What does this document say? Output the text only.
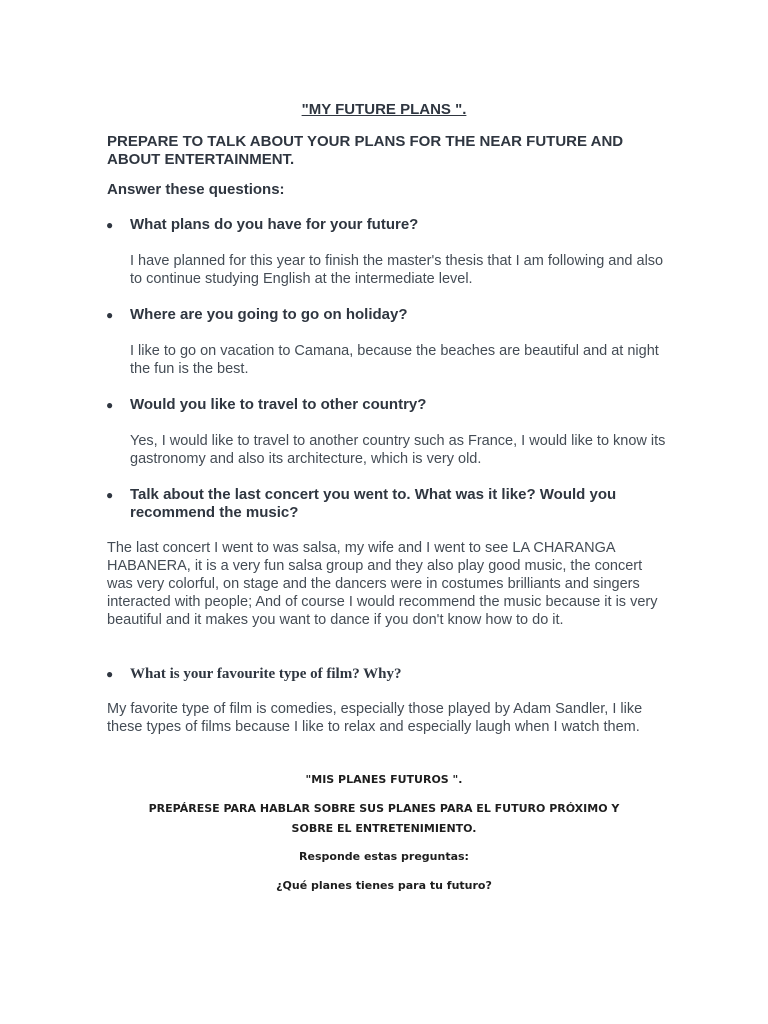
"MY FUTURE PLANS ".
PREPARE TO TALK ABOUT YOUR PLANS FOR THE NEAR FUTURE AND ABOUT ENTERTAINMENT.
Answer these questions:
● What plans do you have for your future?
I have planned for this year to finish the master's thesis that I am following and also to continue studying English at the intermediate level.
● Where are you going to go on holiday?
I like to go on vacation to Camana, because the beaches are beautiful and at night the fun is the best.
● Would you like to travel to other country?
Yes, I would like to travel to another country such as France, I would like to know its gastronomy and also its architecture, which is very old.
● Talk about the last concert you went to. What was it like? Would you recommend the music?
The last concert I went to was salsa, my wife and I went to see LA CHARANGA HABANERA, it is a very fun salsa group and they also play good music, the concert was very colorful, on stage and the dancers were in costumes brilliants and singers interacted with people; And of course I would recommend the music because it is very beautiful and it makes you want to dance if you don't know how to do it.
● What is your favourite type of film? Why?
My favorite type of film is comedies, especially those played by Adam Sandler, I like these types of films because I like to relax and especially laugh when I watch them.
"MIS PLANES FUTUROS ".
PREPÁRESE PARA HABLAR SOBRE SUS PLANES PARA EL FUTURO PRÓXIMO Y SOBRE EL ENTRETENIMIENTO.
Responde estas preguntas:
¿Qué planes tienes para tu futuro?
